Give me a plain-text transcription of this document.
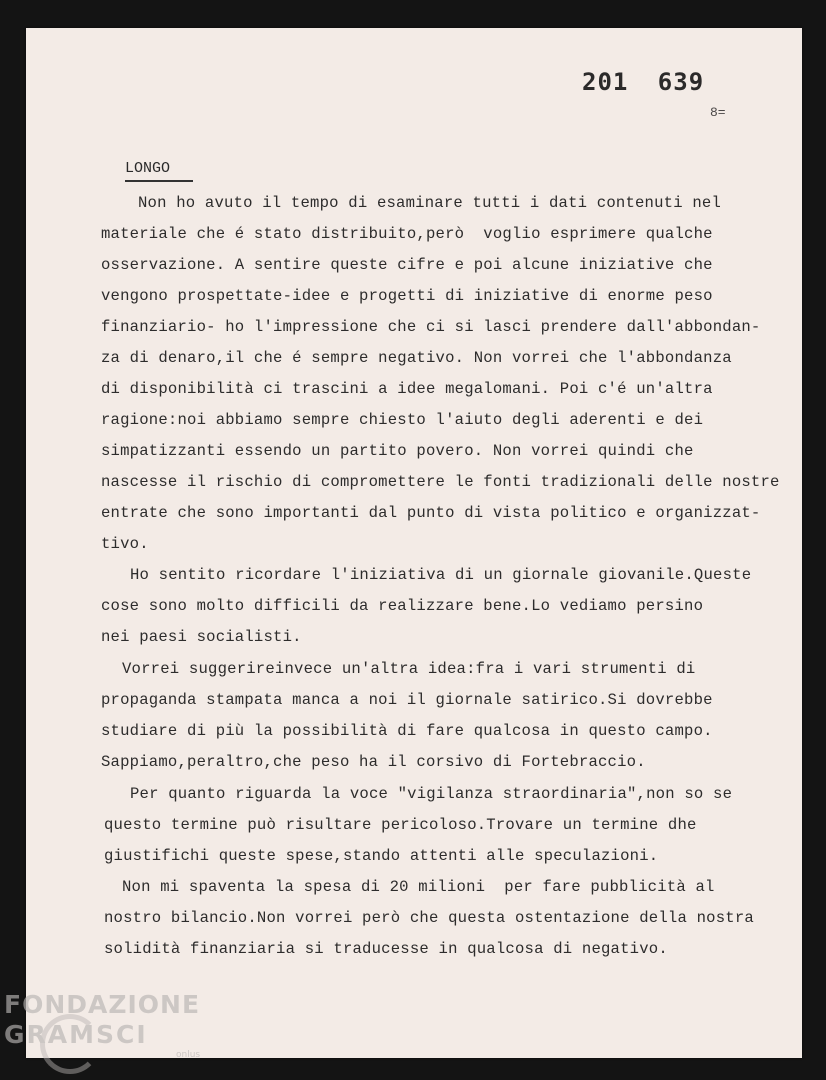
201 639
8=
LONGO
Non ho avuto il tempo di esaminare tutti i dati contenuti nel
materiale che é stato distribuito,però  voglio esprimere qualche
osservazione. A sentire queste cifre e poi alcune iniziative che
vengono prospettate-idee e progetti di iniziative di enorme peso
finanziario- ho l'impressione che ci si lasci prendere dall'abbondan-
za di denaro,il che é sempre negativo. Non vorrei che l'abbondanza
di disponibilità ci trascini a idee megalomani. Poi c'é un'altra
ragione:noi abbiamo sempre chiesto l'aiuto degli aderenti e dei
simpatizzanti essendo un partito povero. Non vorrei quindi che
nascesse il rischio di compromettere le fonti tradizionali delle nostre
entrate che sono importanti dal punto di vista politico e organizzat-
tivo.
Ho sentito ricordare l'iniziativa di un giornale giovanile.Queste
cose sono molto difficili da realizzare bene.Lo vediamo persino
nei paesi socialisti.
Vorrei suggerireinvece un'altra idea:fra i vari strumenti di
propaganda stampata manca a noi il giornale satirico.Si dovrebbe
studiare di più la possibilità di fare qualcosa in questo campo.
Sappiamo,peraltro,che peso ha il corsivo di Fortebraccio.
Per quanto riguarda la voce "vigilanza straordinaria",non so se
questo termine può risultare pericoloso.Trovare un termine dhe
giustifichi queste spese,stando attenti alle speculazioni.
Non mi spaventa la spesa di 20 milioni  per fare pubblicità al
nostro bilancio.Non vorrei però che questa ostentazione della nostra
solidità finanziaria si traducesse in qualcosa di negativo.
FONDAZIONE
GRAMSCI
onlus
